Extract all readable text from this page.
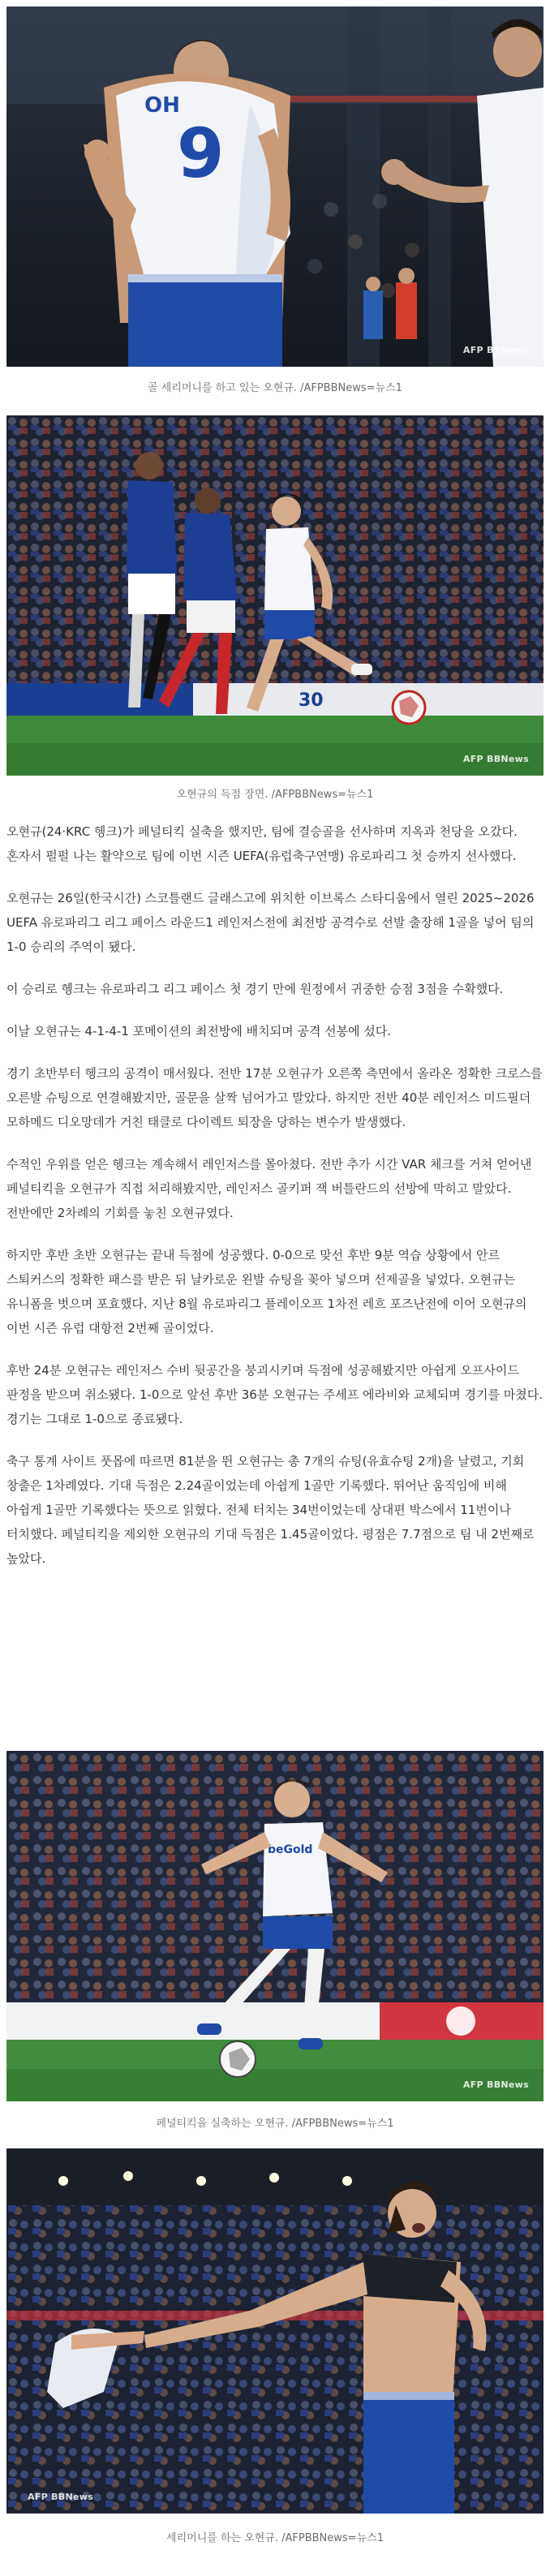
OH
9
AFP BBNews
골 세리머니를 하고 있는 오현규. /AFPBBNews=뉴스1
30
AFP BBNews
오현규의 득점 장면. /AFPBBNews=뉴스1

오현규(24·KRC 헹크)가 페널티킥 실축을 했지만, 팀에 결승골을 선사하며 지옥과 천당을 오갔다. 혼자서 펄펄 나는 활약으로 팀에 이번 시즌 UEFA(유럽축구연맹) 유로파리그 첫 승까지 선사했다.

오현규는 26일(한국시간) 스코틀랜드 글래스고에 위치한 이브록스 스타디움에서 열린 2025~2026 UEFA 유로파리그 리그 페이스 라운드1 레인저스전에 최전방 공격수로 선발 출장해 1골을 넣어 팀의 1-0 승리의 주역이 됐다.

이 승리로 헹크는 유로파리그 리그 페이스 첫 경기 만에 원정에서 귀중한 승점 3점을 수확했다.

이날 오현규는 4-1-4-1 포메이션의 최전방에 배치되며 공격 선봉에 섰다.

경기 초반부터 헹크의 공격이 매서웠다. 전반 17분 오현규가 오른쪽 측면에서 올라온 정확한 크로스를 오른발 슈팅으로 연결해봤지만, 골문을 살짝 넘어가고 말았다. 하지만 전반 40분 레인저스 미드필더 모하메드 디오망데가 거친 태클로 다이렉트 퇴장을 당하는 변수가 발생했다.

수적인 우위를 얻은 헹크는 계속해서 레인저스를 몰아쳤다. 전반 추가 시간 VAR 체크를 거쳐 얻어낸 페널티킥을 오현규가 직접 처리해봤지만, 레인저스 골키퍼 잭 버틀란드의 선방에 막히고 말았다. 전반에만 2차례의 기회를 놓친 오현규였다.

하지만 후반 초반 오현규는 끝내 득점에 성공했다. 0-0으로 맞선 후반 9분 역습 상황에서 안르 스퇴커스의 정확한 패스를 받은 뒤 날카로운 왼발 슈팅을 꽂아 넣으며 선제골을 넣었다. 오현규는 유니폼을 벗으며 포효했다. 지난 8월 유로파리그 플레이오프 1차전 레흐 포즈난전에 이어 오현규의 이번 시즌 유럽 대항전 2번째 골이었다.

후반 24분 오현규는 레인저스 수비 뒷공간을 붕괴시키며 득점에 성공해봤지만 아쉽게 오프사이드 판정을 받으며 취소됐다. 1-0으로 앞선 후반 36분 오현규는 주세프 에라비와 교체되며 경기를 마쳤다. 경기는 그대로 1-0으로 종료됐다.

축구 통계 사이트 풋몹에 따르면 81분을 뛴 오현규는 총 7개의 슈팅(유효슈팅 2개)을 날렸고, 기회 창출은 1차례였다. 기대 득점은 2.24골이었는데 아쉽게 1골만 기록했다. 뛰어난 움직임에 비해 아쉽게 1골만 기록했다는 뜻으로 읽혔다. 전체 터치는 34번이었는데 상대편 박스에서 11번이나 터치했다. 페널티킥을 제외한 오현규의 기대 득점은 1.45골이었다. 평점은 7.7점으로 팀 내 2번째로 높았다.

beGold
AFP BBNews
페널티킥을 실축하는 오현규. /AFPBBNews=뉴스1
AFP BBNews
세리머니를 하는 오현규. /AFPBBNews=뉴스1
